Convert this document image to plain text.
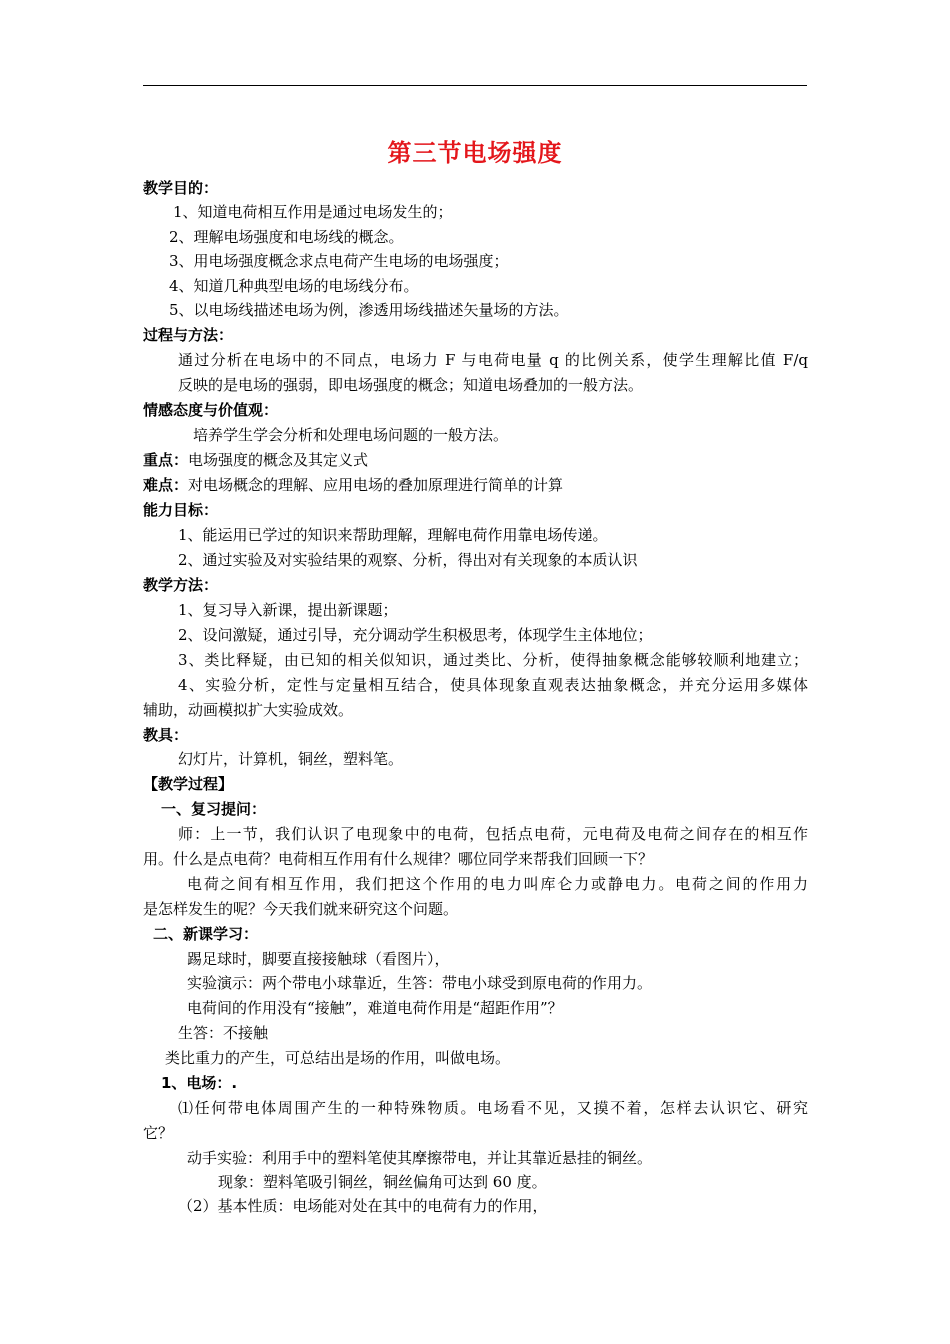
第三节电场强度
教学目的：
1、知道电荷相互作用是通过电场发生的；
2、理解电场强度和电场线的概念。
3、用电场强度概念求点电荷产生电场的电场强度；
4、知道几种典型电场的电场线分布。
5、以电场线描述电场为例，渗透用场线描述矢量场的方法。
过程与方法：
通过分析在电场中的不同点，电场力 F 与电荷电量 q 的比例关系，使学生理解比值 F/q
反映的是电场的强弱，即电场强度的概念；知道电场叠加的一般方法。
情感态度与价值观：
培养学生学会分析和处理电场问题的一般方法。
重点：电场强度的概念及其定义式
难点：对电场概念的理解、应用电场的叠加原理进行简单的计算
能力目标：
1、能运用已学过的知识来帮助理解，理解电荷作用靠电场传递。
2、通过实验及对实验结果的观察、分析，得出对有关现象的本质认识
教学方法：
1、复习导入新课，提出新课题；
2、设问激疑，通过引导，充分调动学生积极思考，体现学生主体地位；
3、类比释疑，由已知的相关似知识，通过类比、分析，使得抽象概念能够较顺利地建立；
4、实验分析，定性与定量相互结合，使具体现象直观表达抽象概念，并充分运用多媒体
辅助，动画模拟扩大实验成效。
教具：
幻灯片，计算机，铜丝，塑料笔。
【教学过程】
一、复习提问：
师：上一节，我们认识了电现象中的电荷，包括点电荷，元电荷及电荷之间存在的相互作
用。什么是点电荷？电荷相互作用有什么规律？哪位同学来帮我们回顾一下？
电荷之间有相互作用，我们把这个作用的电力叫库仑力或静电力。电荷之间的作用力
是怎样发生的呢？今天我们就来研究这个问题。
二、新课学习：
踢足球时，脚要直接接触球（看图片），
实验演示：两个带电小球靠近，生答：带电小球受到原电荷的作用力。
电荷间的作用没有“接触”，难道电荷作用是“超距作用”？
生答：不接触
类比重力的产生，可总结出是场的作用，叫做电场。
1、电场：.
⑴任何带电体周围产生的一种特殊物质。电场看不见，又摸不着，怎样去认识它、研究
它？
动手实验：利用手中的塑料笔使其摩擦带电，并让其靠近悬挂的铜丝。
现象：塑料笔吸引铜丝，铜丝偏角可达到 60 度。
（2）基本性质：电场能对处在其中的电荷有力的作用，
